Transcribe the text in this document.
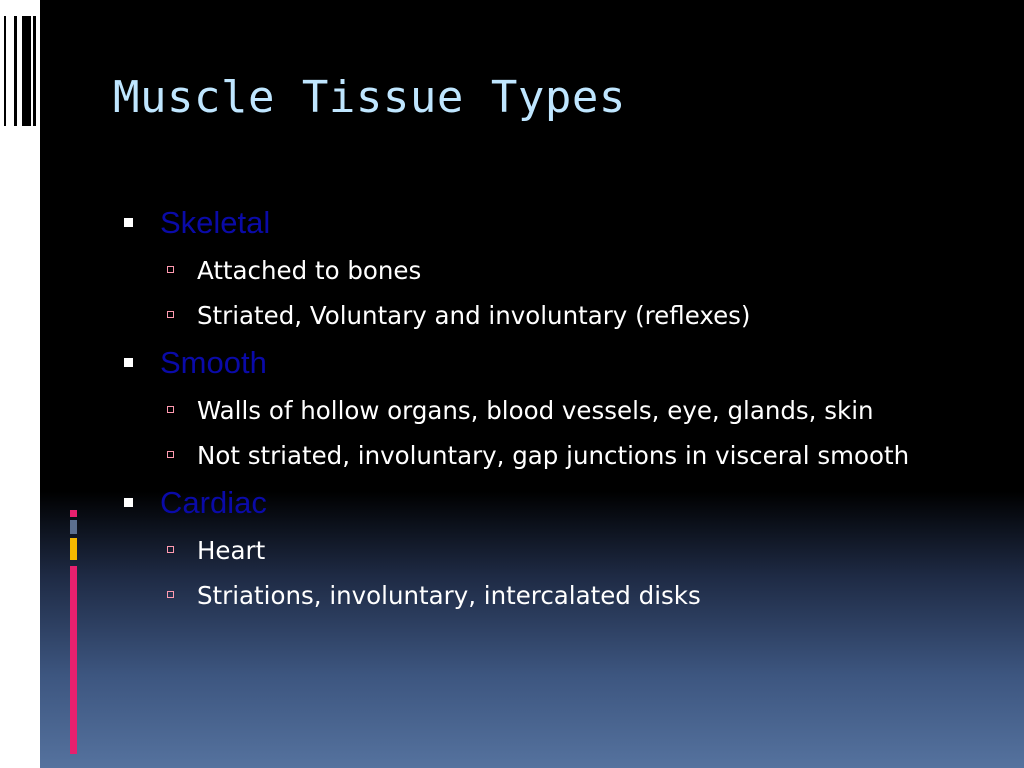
Muscle Tissue Types
Skeletal
Attached to bones
Striated, Voluntary and involuntary (reflexes)
Smooth
Walls of hollow organs, blood vessels, eye, glands, skin
Not striated, involuntary, gap junctions in visceral smooth
Cardiac
Heart
Striations, involuntary, intercalated disks
